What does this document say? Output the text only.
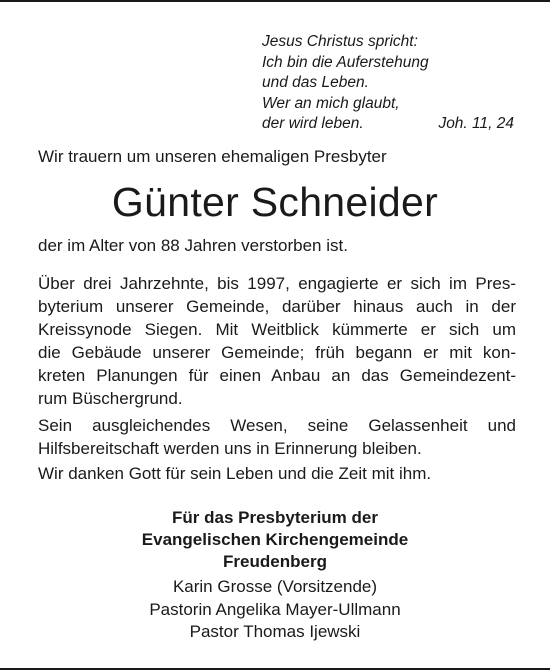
Jesus Christus spricht:
Ich bin die Auferstehung
und das Leben.
Wer an mich glaubt,
der wird leben.	Joh. 11, 24
Wir trauern um unseren ehemaligen Presbyter
Günter Schneider
der im Alter von 88 Jahren verstorben ist.
Über drei Jahrzehnte, bis 1997, engagierte er sich im Pres-
byterium unserer Gemeinde, darüber hinaus auch in der
Kreissynode Siegen. Mit Weitblick kümmerte er sich um
die Gebäude unserer Gemeinde; früh begann er mit kon-
kreten Planungen für einen Anbau an das Gemeindezent-
rum Büschergrund.
Sein ausgleichendes Wesen, seine Gelassenheit und
Hilfsbereitschaft werden uns in Erinnerung bleiben.
Wir danken Gott für sein Leben und die Zeit mit ihm.
Für das Presbyterium der
Evangelischen Kirchengemeinde
Freudenberg
Karin Grosse (Vorsitzende)
Pastorin Angelika Mayer-Ullmann
Pastor Thomas Ijewski
